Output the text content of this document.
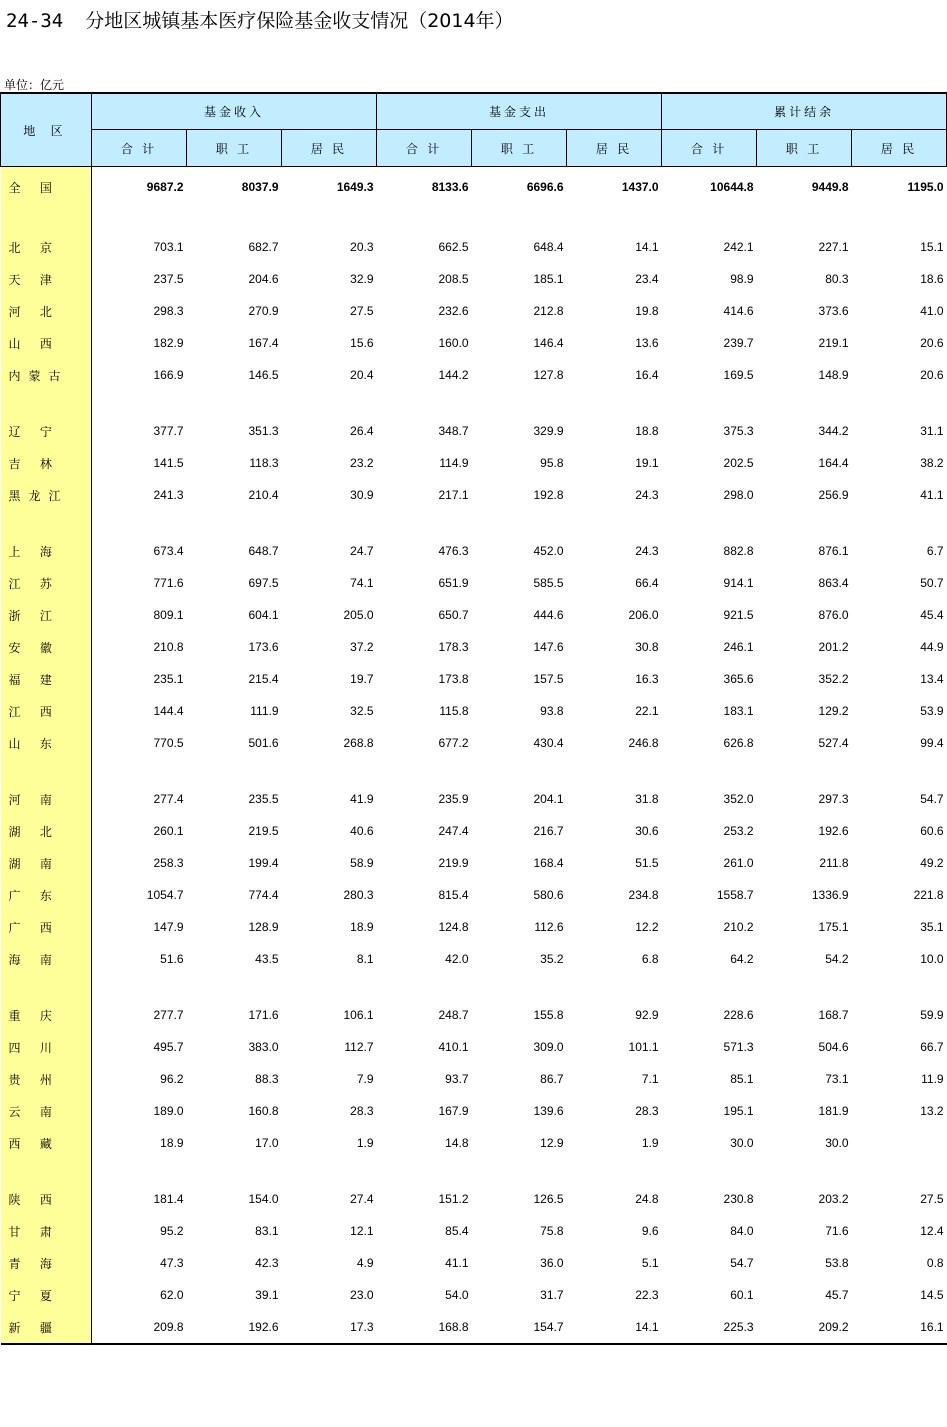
24-34 分地区城镇基本医疗保险基金收支情况（2014年）
单位：亿元
地 区	基金收入			基金支出			累计结余		
	合 计	职 工	居 民	合 计	职 工	居 民	合 计	职 工	居 民
全 国	9687.2	8037.9	1649.3	8133.6	6696.6	1437.0	10644.8	9449.8	1195.0

北 京	703.1	682.7	20.3	662.5	648.4	14.1	242.1	227.1	15.1
天 津	237.5	204.6	32.9	208.5	185.1	23.4	98.9	80.3	18.6
河 北	298.3	270.9	27.5	232.6	212.8	19.8	414.6	373.6	41.0
山 西	182.9	167.4	15.6	160.0	146.4	13.6	239.7	219.1	20.6
内蒙古	166.9	146.5	20.4	144.2	127.8	16.4	169.5	148.9	20.6

辽 宁	377.7	351.3	26.4	348.7	329.9	18.8	375.3	344.2	31.1
吉 林	141.5	118.3	23.2	114.9	95.8	19.1	202.5	164.4	38.2
黑龙江	241.3	210.4	30.9	217.1	192.8	24.3	298.0	256.9	41.1

上 海	673.4	648.7	24.7	476.3	452.0	24.3	882.8	876.1	6.7
江 苏	771.6	697.5	74.1	651.9	585.5	66.4	914.1	863.4	50.7
浙 江	809.1	604.1	205.0	650.7	444.6	206.0	921.5	876.0	45.4
安 徽	210.8	173.6	37.2	178.3	147.6	30.8	246.1	201.2	44.9
福 建	235.1	215.4	19.7	173.8	157.5	16.3	365.6	352.2	13.4
江 西	144.4	111.9	32.5	115.8	93.8	22.1	183.1	129.2	53.9
山 东	770.5	501.6	268.8	677.2	430.4	246.8	626.8	527.4	99.4

河 南	277.4	235.5	41.9	235.9	204.1	31.8	352.0	297.3	54.7
湖 北	260.1	219.5	40.6	247.4	216.7	30.6	253.2	192.6	60.6
湖 南	258.3	199.4	58.9	219.9	168.4	51.5	261.0	211.8	49.2
广 东	1054.7	774.4	280.3	815.4	580.6	234.8	1558.7	1336.9	221.8
广 西	147.9	128.9	18.9	124.8	112.6	12.2	210.2	175.1	35.1
海 南	51.6	43.5	8.1	42.0	35.2	6.8	64.2	54.2	10.0

重 庆	277.7	171.6	106.1	248.7	155.8	92.9	228.6	168.7	59.9
四 川	495.7	383.0	112.7	410.1	309.0	101.1	571.3	504.6	66.7
贵 州	96.2	88.3	7.9	93.7	86.7	7.1	85.1	73.1	11.9
云 南	189.0	160.8	28.3	167.9	139.6	28.3	195.1	181.9	13.2
西 藏	18.9	17.0	1.9	14.8	12.9	1.9	30.0	30.0	

陕 西	181.4	154.0	27.4	151.2	126.5	24.8	230.8	203.2	27.5
甘 肃	95.2	83.1	12.1	85.4	75.8	9.6	84.0	71.6	12.4
青 海	47.3	42.3	4.9	41.1	36.0	5.1	54.7	53.8	0.8
宁 夏	62.0	39.1	23.0	54.0	31.7	22.3	60.1	45.7	14.5
新 疆	209.8	192.6	17.3	168.8	154.7	14.1	225.3	209.2	16.1
